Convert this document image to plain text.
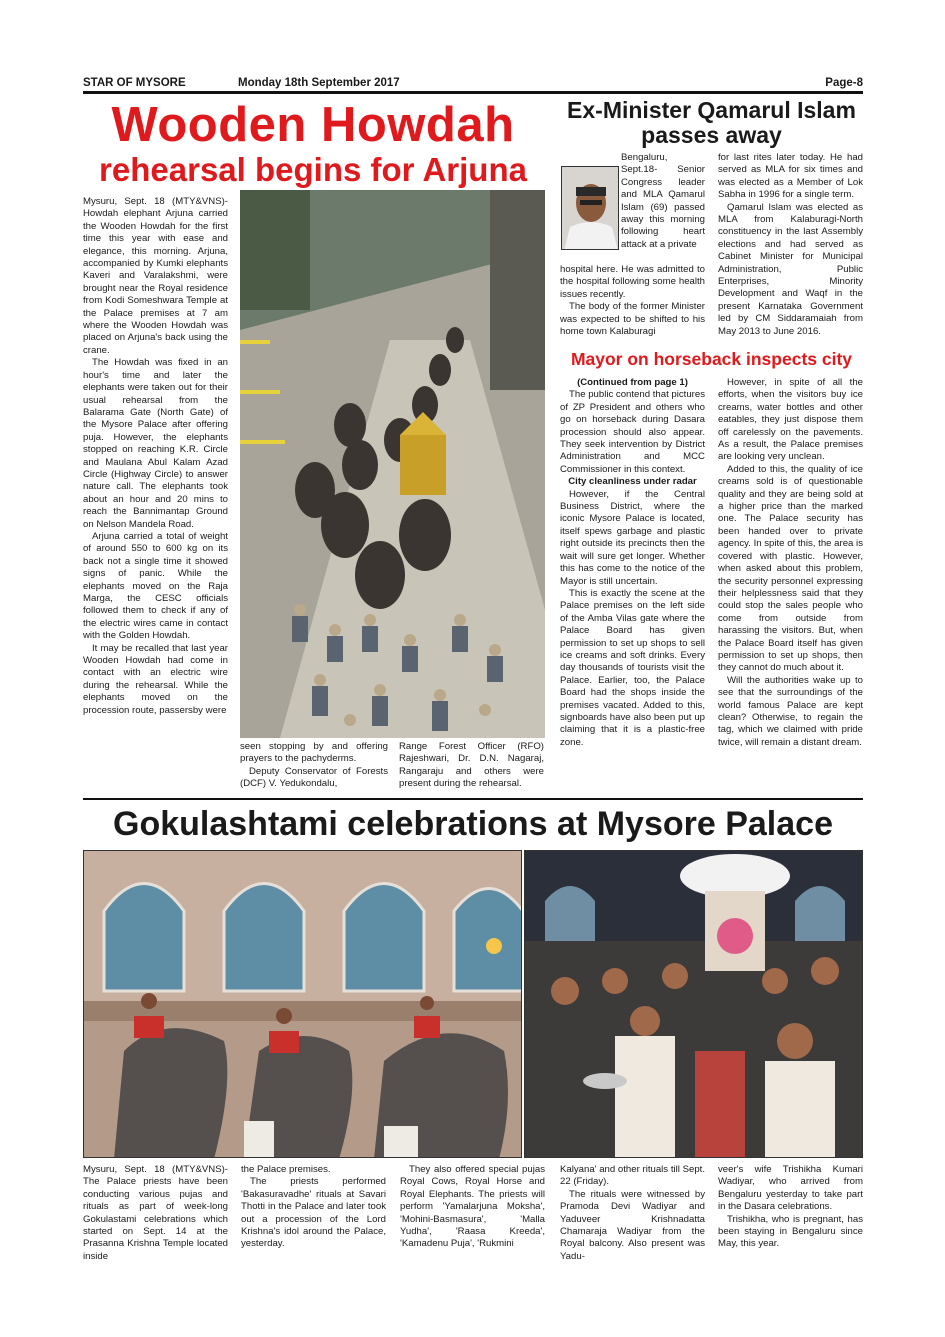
STAR OF MYSORE	Monday 18th September 2017	Page-8
Wooden Howdah
rehearsal begins for Arjuna

Mysuru, Sept. 18 (MTY&VNS)- Howdah elephant Arjuna carried the Wooden Howdah for the first time this year with ease and elegance, this morning. Arjuna, accompanied by Kumki elephants Kaveri and Varalakshmi, were brought near the Royal residence from Kodi Someshwara Temple at the Palace premises at 7 am where the Wooden Howdah was placed on Arjuna's back using the crane.

The Howdah was fixed in an hour's time and later the elephants were taken out for their usual rehearsal from the Balarama Gate (North Gate) of the Mysore Palace after offering puja. However, the elephants stopped on reaching K.R. Circle and Maulana Abul Kalam Azad Circle (Highway Circle) to answer nature call. The elephants took about an hour and 20 mins to reach the Bannimantap Ground on Nelson Mandela Road.

Arjuna carried a total of weight of around 550 to 600 kg on its back not a single time it showed signs of panic. While the elephants moved on the Raja Marga, the CESC officials followed them to check if any of the electric wires came in contact with the Golden Howdah.

It may be recalled that last year Wooden Howdah had come in contact with an electric wire during the rehearsal. While the elephants moved on the procession route, passersby were

seen stopping by and offering prayers to the pachyderms.

Deputy Conservator of Forests (DCF) V. Yedukondalu,

Range Forest Officer (RFO) Rajeshwari, Dr. D.N. Nagaraj, Rangaraju and others were present during the rehearsal.

Ex-Minister Qamarul Islam passes away

Bengaluru, Sept.18- Senior Congress leader and MLA Qamarul Islam (69) passed away this morning following heart attack at a private

hospital here. He was admitted to the hospital following some health issues recently.

The body of the former Minister was expected to be shifted to his home town Kalaburagi

for last rites later today. He had served as MLA for six times and was elected as a Member of Lok Sabha in 1996 for a single term.

Qamarul Islam was elected as MLA from Kalaburagi-North constituency in the last Assembly elections and had served as Cabinet Minister for Municipal Administration, Public Enterprises, Minority Development and Waqf in the present Karnataka Government led by CM Siddaramaiah from May 2013 to June 2016.

Mayor on horseback inspects city

(Continued from page 1)

The public contend that pictures of ZP President and others who go on horseback during Dasara procession should also appear. They seek intervention by District Administration and MCC Commissioner in this context.

City cleanliness under radar

However, if the Central Business District, where the iconic Mysore Palace is located, itself spews garbage and plastic right outside its precincts then the wait will sure get longer. Whether this has come to the notice of the Mayor is still uncertain.

This is exactly the scene at the Palace premises on the left side of the Amba Vilas gate where the Palace Board has given permission to set up shops to sell ice creams and soft drinks. Every day thousands of tourists visit the Palace. Earlier, too, the Palace Board had the shops inside the premises vacated. Added to this, signboards have also been put up claiming that it is a plastic-free zone.

However, in spite of all the efforts, when the visitors buy ice creams, water bottles and other eatables, they just dispose them off carelessly on the pavements. As a result, the Palace premises are looking very unclean.

Added to this, the quality of ice creams sold is of questionable quality and they are being sold at a higher price than the marked one. The Palace security has been handed over to private agency. In spite of this, the area is covered with plastic. However, when asked about this problem, the security personnel expressing their helplessness said that they could stop the sales people who come from outside from harassing the visitors. But, when the Palace Board itself has given permission to set up shops, then they cannot do much about it.

Will the authorities wake up to see that the surroundings of the world famous Palace are kept clean? Otherwise, to regain the tag, which we claimed with pride twice, will remain a distant dream.

Gokulashtami celebrations at Mysore Palace

Mysuru, Sept. 18 (MTY&VNS)- The Palace priests have been conducting various pujas and rituals as part of week-long Gokulastami celebrations which started on Sept. 14 at the Prasanna Krishna Temple located inside

the Palace premises.

The priests performed 'Bakasuravadhe' rituals at Savari Thotti in the Palace and later took out a procession of the Lord Krishna's idol around the Palace, yesterday.

They also offered special pujas Royal Cows, Royal Horse and Royal Elephants. The priests will perform 'Yamalarjuna Moksha', 'Mohini-Basmasura', 'Malla Yudha', 'Raasa Kreeda', 'Kamadenu Puja', 'Rukmini

Kalyana' and other rituals till Sept. 22 (Friday).

The rituals were witnessed by Pramoda Devi Wadiyar and Yaduveer Krishnadatta Chamaraja Wadiyar from the Royal balcony. Also present was Yadu-

veer's wife Trishikha Kumari Wadiyar, who arrived from Bengaluru yesterday to take part in the Dasara celebrations.

Trishikha, who is pregnant, has been staying in Bengaluru since May, this year.
